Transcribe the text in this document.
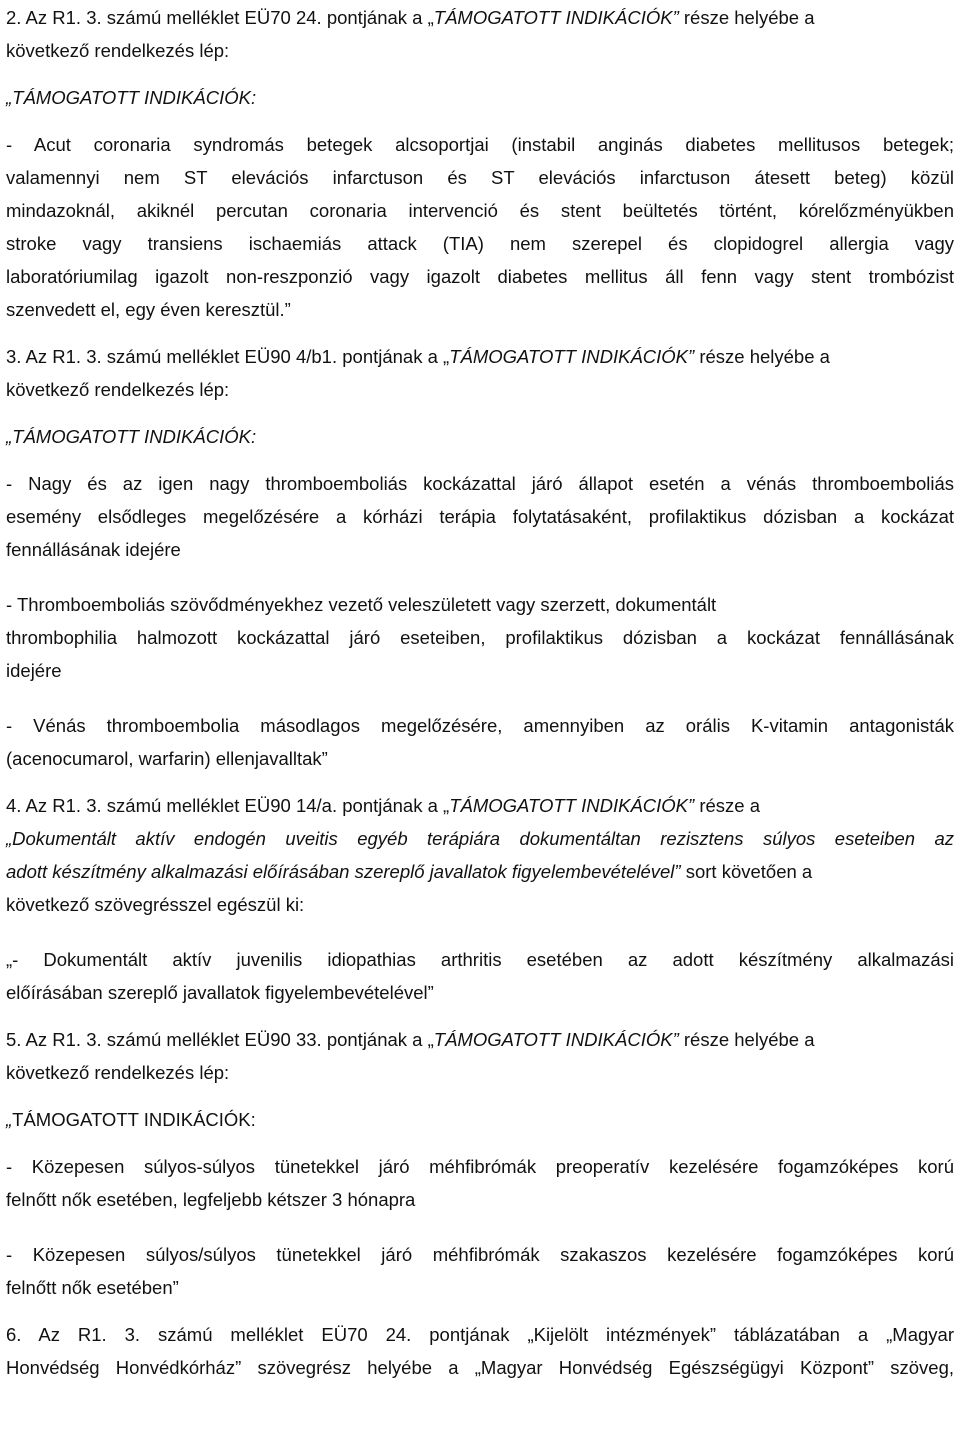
2. Az R1. 3. számú melléklet EÜ70 24. pontjának a „TÁMOGATOTT INDIKÁCIÓK” része helyébe a
következő rendelkezés lép:
„TÁMOGATOTT INDIKÁCIÓK:
- Acut coronaria syndromás betegek alcsoportjai (instabil anginás diabetes mellitusos betegek;
valamennyi nem ST elevációs infarctuson és ST elevációs infarctuson átesett beteg) közül
mindazoknál, akiknél percutan coronaria intervenció és stent beültetés történt, kórelőzményükben
stroke vagy transiens ischaemiás attack (TIA) nem szerepel és clopidogrel allergia vagy
laboratóriumilag igazolt non-reszponzió vagy igazolt diabetes mellitus áll fenn vagy stent trombózist
szenvedett el, egy éven keresztül.”
3. Az R1. 3. számú melléklet EÜ90 4/b1. pontjának a „TÁMOGATOTT INDIKÁCIÓK” része helyébe a
következő rendelkezés lép:
„TÁMOGATOTT INDIKÁCIÓK:
- Nagy és az igen nagy thromboemboliás kockázattal járó állapot esetén a vénás thromboemboliás
esemény elsődleges megelőzésére a kórházi terápia folytatásaként, profilaktikus dózisban a kockázat
fennállásának idejére
- Thromboemboliás szövődményekhez vezető veleszületett vagy szerzett, dokumentált
thrombophilia halmozott kockázattal járó eseteiben, profilaktikus dózisban a kockázat fennállásának
idejére
- Vénás thromboembolia másodlagos megelőzésére, amennyiben az orális K-vitamin antagonisták
(acenocumarol, warfarin) ellenjavalltak”
4. Az R1. 3. számú melléklet EÜ90 14/a. pontjának a „TÁMOGATOTT INDIKÁCIÓK” része a
„Dokumentált aktív endogén uveitis egyéb terápiára dokumentáltan rezisztens súlyos eseteiben az
adott készítmény alkalmazási előírásában szereplő javallatok figyelembevételével” sort követően a
következő szövegrésszel egészül ki:
„- Dokumentált aktív juvenilis idiopathias arthritis esetében az adott készítmény alkalmazási
előírásában szereplő javallatok figyelembevételével”
5. Az R1. 3. számú melléklet EÜ90 33. pontjának a „TÁMOGATOTT INDIKÁCIÓK” része helyébe a
következő rendelkezés lép:
„TÁMOGATOTT INDIKÁCIÓK:
- Közepesen súlyos-súlyos tünetekkel járó méhfibrómák preoperatív kezelésére fogamzóképes korú
felnőtt nők esetében, legfeljebb kétszer 3 hónapra
- Közepesen súlyos/súlyos tünetekkel járó méhfibrómák szakaszos kezelésére fogamzóképes korú
felnőtt nők esetében”
6. Az R1. 3. számú melléklet EÜ70 24. pontjának „Kijelölt intézmények” táblázatában a „Magyar
Honvédség Honvédkórház” szövegrész helyébe a „Magyar Honvédség Egészségügyi Központ” szöveg,
